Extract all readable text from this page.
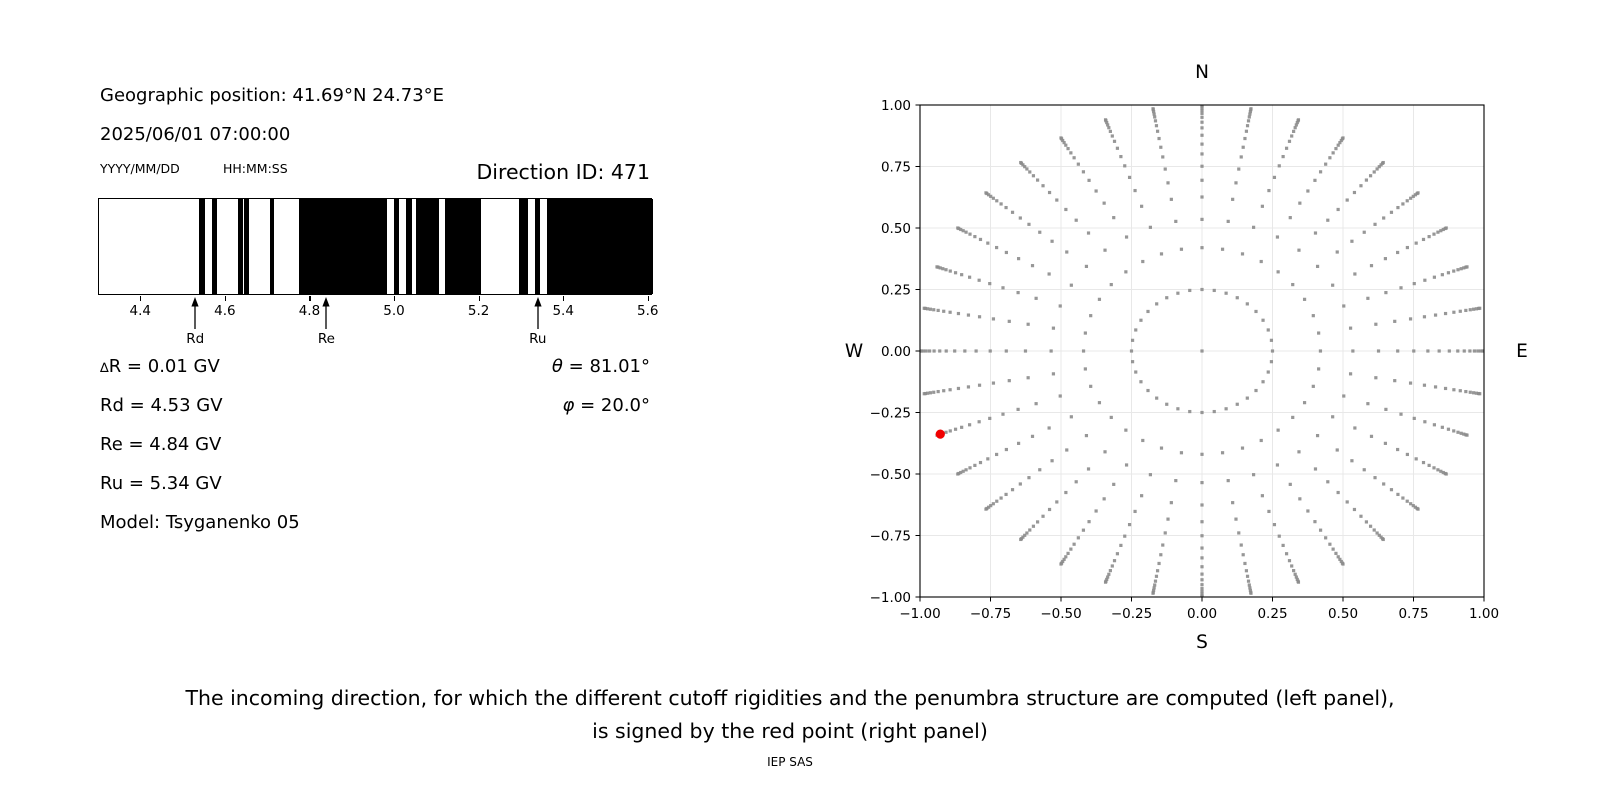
Geographic position: 41.69°N 24.73°E
2025/06/01 07:00:00
YYYY/MM/DD	HH:MM:SS	Direction ID: 471
4.4	4.6	4.8	5.0	5.2	5.4	5.6
Rd	Re	Ru
∆R = 0.01 GV
Rd = 4.53 GV
Re = 4.84 GV
Ru = 5.34 GV
Model: Tsyganenko 05
θ = 81.01°
φ = 20.0°
−1.00
−1.00
−0.75
−0.75
−0.50
−0.50
−0.25
−0.25
0.00
0.00
0.25
0.25
0.50
0.50
0.75
0.75
1.00
1.00
N
S
W	E
The incoming direction, for which the different cutoff rigidities and the penumbra structure are computed (left panel),
is signed by the red point (right panel)
IEP SAS
